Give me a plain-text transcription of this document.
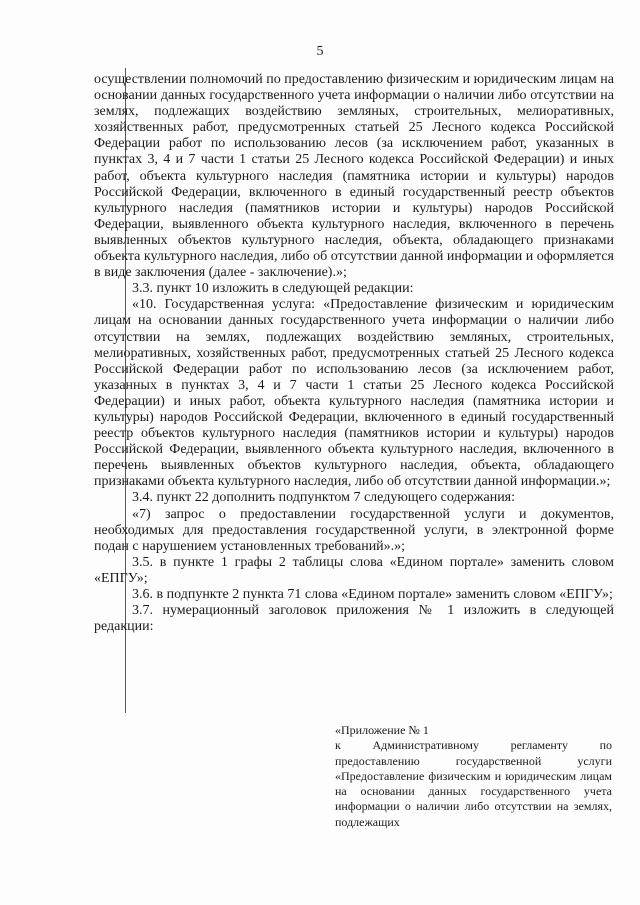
5

осуществлении полномочий по предоставлению физическим и юридическим лицам на основании данных государственного учета информации о наличии либо отсутствии на землях, подлежащих воздействию земляных, строительных, мелиоративных, хозяйственных работ, предусмотренных статьей 25 Лесного кодекса Российской Федерации работ по использованию лесов (за исключением работ, указанных в пунктах 3, 4 и 7 части 1 статьи 25 Лесного кодекса Российской Федерации) и иных работ, объекта культурного наследия (памятника истории и культуры) народов Российской Федерации, включенного в единый государственный реестр объектов культурного наследия (памятников истории и культуры) народов Российской Федерации, выявленного объекта культурного наследия, включенного в перечень выявленных объектов культурного наследия, объекта, обладающего признаками объекта культурного наследия, либо об отсутствии данной информации и оформляется в виде заключения (далее - заключение).»;

3.3. пункт 10 изложить в следующей редакции:

«10. Государственная услуга: «Предоставление физическим и юридическим лицам на основании данных государственного учета информации о наличии либо отсутствии на землях, подлежащих воздействию земляных, строительных, мелиоративных, хозяйственных работ, предусмотренных статьей 25 Лесного кодекса Российской Федерации работ по использованию лесов (за исключением работ, указанных в пунктах 3, 4 и 7 части 1 статьи 25 Лесного кодекса Российской Федерации) и иных работ, объекта культурного наследия (памятника истории и культуры) народов Российской Федерации, включенного в единый государственный реестр объектов культурного наследия (памятников истории и культуры) народов Российской Федерации, выявленного объекта культурного наследия, включенного в перечень выявленных объектов культурного наследия, объекта, обладающего признаками объекта культурного наследия, либо об отсутствии данной информации.»;

3.4. пункт 22 дополнить подпунктом 7 следующего содержания:

«7) запрос о предоставлении государственной услуги и документов, необходимых для предоставления государственной услуги, в электронной форме подан с нарушением установленных требований».»;

3.5. в пункте 1 графы 2 таблицы слова «Едином портале» заменить словом «ЕПГУ»;

3.6. в подпункте 2 пункта 71 слова «Едином портале» заменить словом «ЕПГУ»;

3.7. нумерационный заголовок приложения № 1 изложить в следующей редакции:

«Приложение № 1

к Административному регламенту по предоставлению государственной услуги «Предоставление физическим и юридическим лицам на основании данных государственного учета информации о наличии либо отсутствии на землях, подлежащих
